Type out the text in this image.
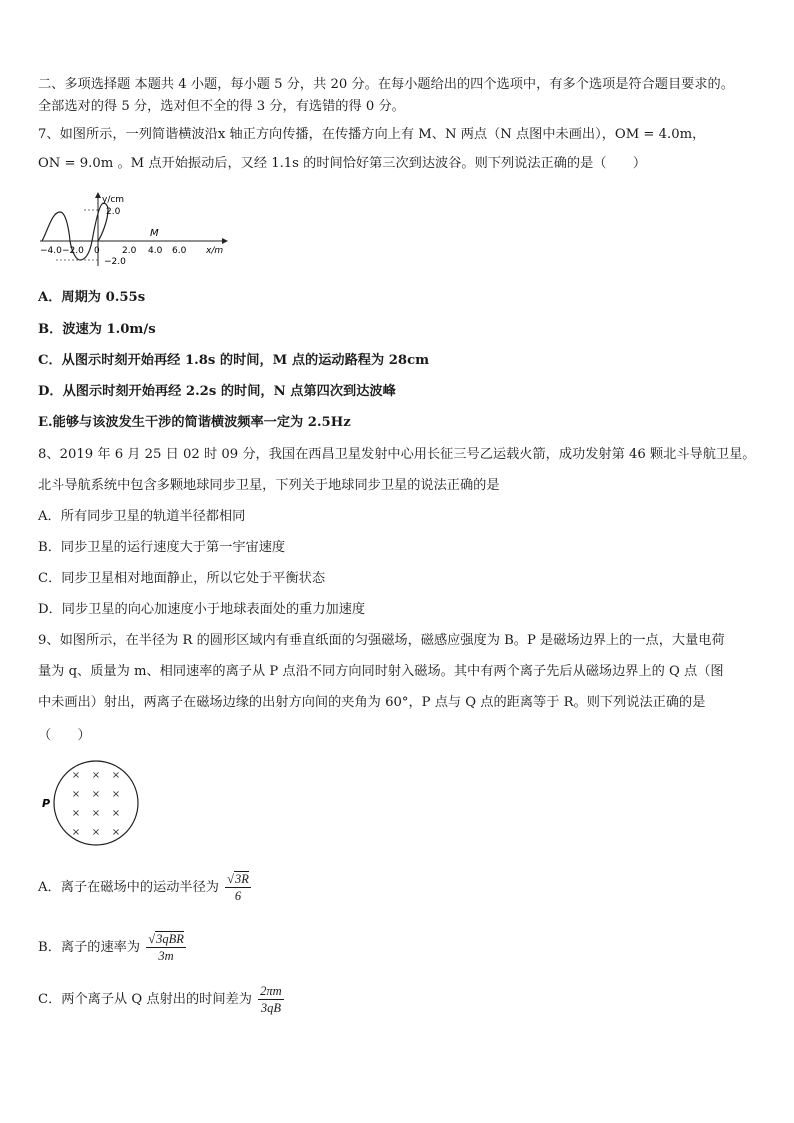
二、多项选择题 本题共 4 小题，每小题 5 分，共 20 分。在每小题给出的四个选项中，有多个选项是符合题目要求的。
全部选对的得 5 分，选对但不全的得 3 分，有选错的得 0 分。
7、如图所示，一列简谐横波沿x 轴正方向传播，在传播方向上有 M、N 两点（N 点图中未画出），OM = 4.0m，
ON = 9.0m 。M 点开始振动后，又经 1.1s 的时间恰好第三次到达波谷。则下列说法正确的是（　　）
y/cm
2.0
−2.0
−4.0 −2.0 0 2.0 4.0 6.0 x/m
M
A．周期为 0.55s
B．波速为 1.0m/s
C．从图示时刻开始再经 1.8s 的时间，M 点的运动路程为 28cm
D．从图示时刻开始再经 2.2s 的时间，N 点第四次到达波峰
E.能够与该波发生干涉的简谐横波频率一定为 2.5Hz
8、2019 年 6 月 25 日 02 时 09 分，我国在西昌卫星发射中心用长征三号乙运载火箭，成功发射第 46 颗北斗导航卫星。
北斗导航系统中包含多颗地球同步卫星，下列关于地球同步卫星的说法正确的是
A．所有同步卫星的轨道半径都相同
B．同步卫星的运行速度大于第一宇宙速度
C．同步卫星相对地面静止，所以它处于平衡状态
D．同步卫星的向心加速度小于地球表面处的重力加速度
9、如图所示，在半径为 R 的圆形区域内有垂直纸面的匀强磁场，磁感应强度为 B。P 是磁场边界上的一点，大量电荷
量为 q、质量为 m、相同速率的离子从 P 点沿不同方向同时射入磁场。其中有两个离子先后从磁场边界上的 Q 点（图
中未画出）射出，两离子在磁场边缘的出射方向间的夹角为 60°，P 点与 Q 点的距离等于 R。则下列说法正确的是
（　　）
P
× × ×
× × ×
× × ×
× × ×
A．离子在磁场中的运动半径为 $\frac{√3R}{6}$
B．离子的速率为 $\frac{\text{√3qBR}}{3m}$
C．两个离子从 Q 点射出的时间差为 $\frac{2\pi m}{3qB}$
